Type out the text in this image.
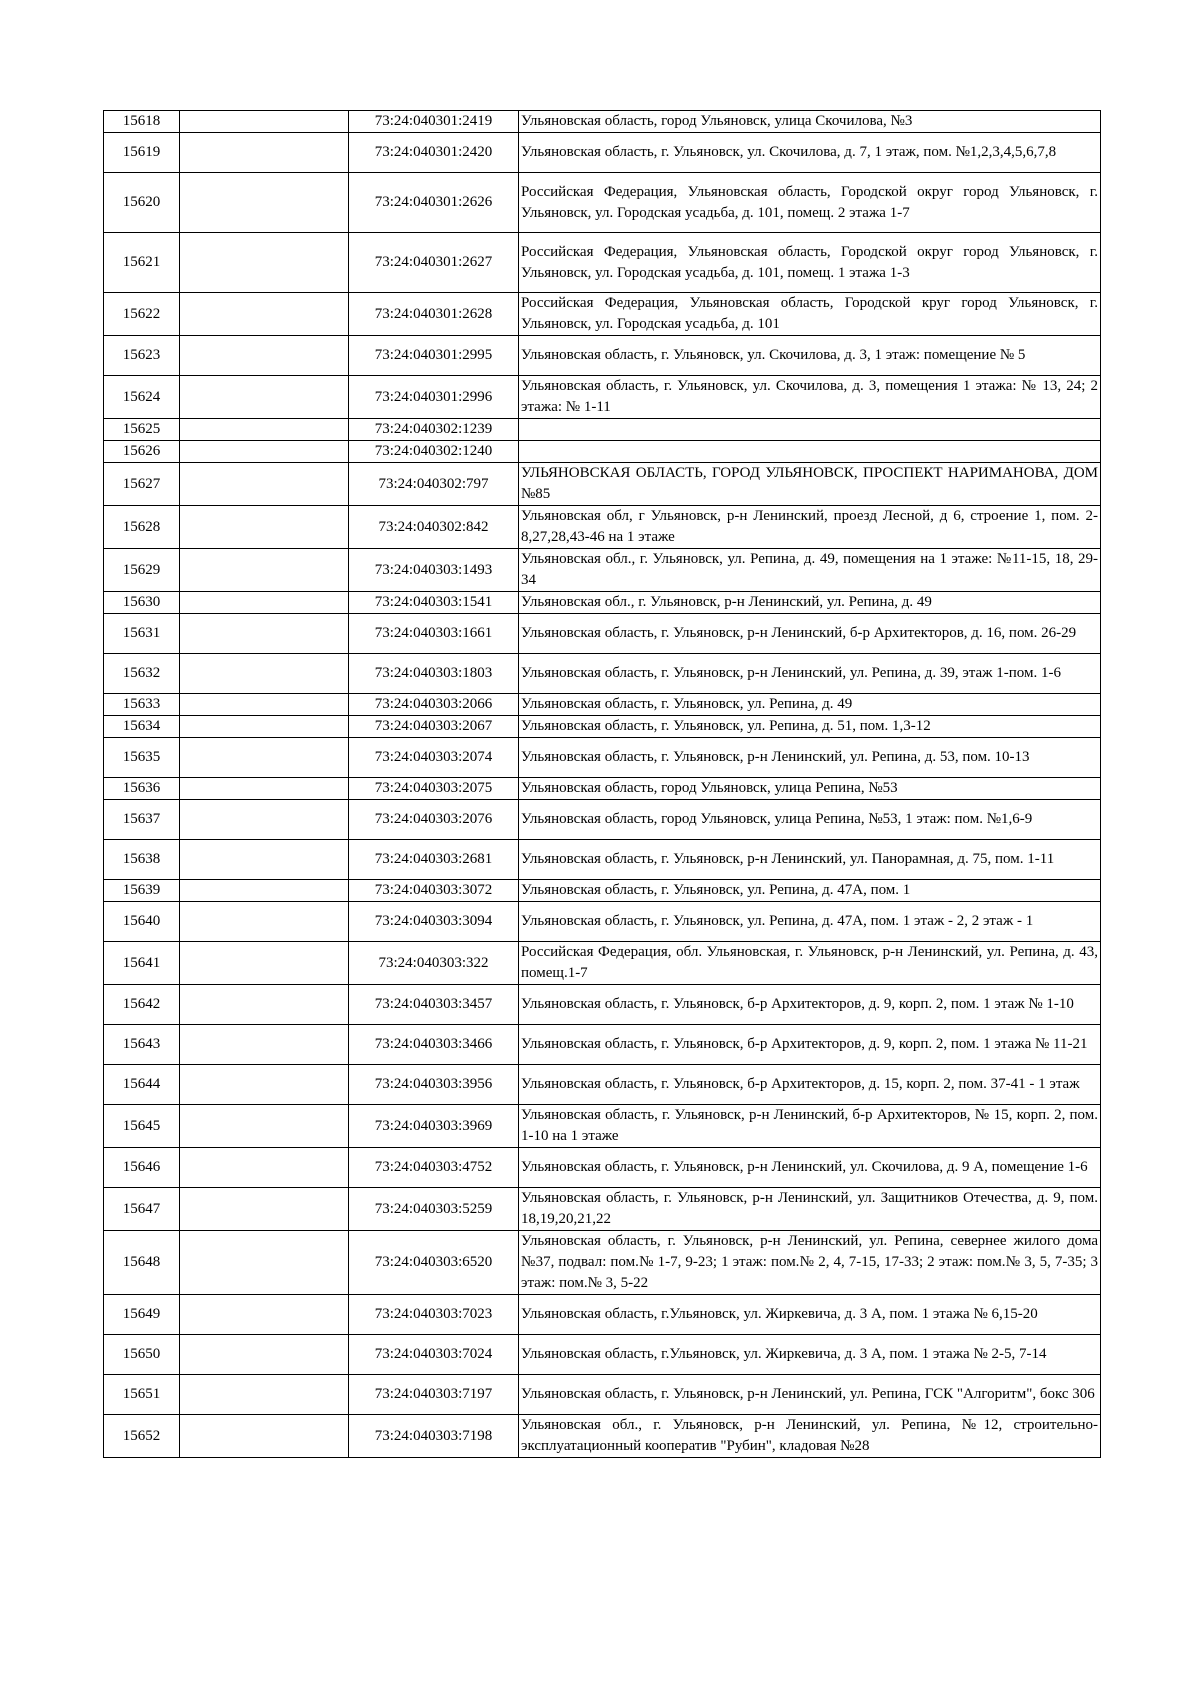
15618		73:24:040301:2419	Ульяновская область, город Ульяновск, улица Скочилова, №3
15619		73:24:040301:2420	Ульяновская область, г. Ульяновск, ул. Скочилова, д. 7, 1 этаж, пом. №1,2,3,4,5,6,7,8
15620		73:24:040301:2626	Российская Федерация, Ульяновская область, Городской округ город Ульяновск, г. Ульяновск, ул. Городская усадьба, д. 101, помещ. 2 этажа 1-7
15621		73:24:040301:2627	Российская Федерация, Ульяновская область, Городской округ город Ульяновск, г. Ульяновск, ул. Городская усадьба, д. 101, помещ. 1 этажа 1-3
15622		73:24:040301:2628	Российская Федерация, Ульяновская область, Городской круг город Ульяновск, г. Ульяновск, ул. Городская усадьба, д. 101
15623		73:24:040301:2995	Ульяновская область, г. Ульяновск, ул. Скочилова, д. 3, 1 этаж: помещение № 5
15624		73:24:040301:2996	Ульяновская область, г. Ульяновск, ул. Скочилова, д. 3, помещения 1 этажа: № 13, 24; 2 этажа: № 1-11
15625		73:24:040302:1239	
15626		73:24:040302:1240	
15627		73:24:040302:797	УЛЬЯНОВСКАЯ ОБЛАСТЬ, ГОРОД УЛЬЯНОВСК, ПРОСПЕКТ НАРИМАНОВА, ДОМ №85
15628		73:24:040302:842	Ульяновская обл, г Ульяновск, р-н Ленинский, проезд Лесной, д 6, строение 1, пом. 2-8,27,28,43-46 на 1 этаже
15629		73:24:040303:1493	Ульяновская обл., г. Ульяновск, ул. Репина, д. 49, помещения на 1 этаже: №11-15, 18, 29-34
15630		73:24:040303:1541	Ульяновская обл., г. Ульяновск, р-н Ленинский, ул. Репина, д. 49
15631		73:24:040303:1661	Ульяновская область, г. Ульяновск, р-н Ленинский, б-р Архитекторов, д. 16, пом. 26-29
15632		73:24:040303:1803	Ульяновская область, г. Ульяновск, р-н Ленинский, ул. Репина, д. 39, этаж 1-пом. 1-6
15633		73:24:040303:2066	Ульяновская область, г. Ульяновск, ул. Репина, д. 49
15634		73:24:040303:2067	Ульяновская область, г. Ульяновск, ул. Репина, д. 51, пом. 1,3-12
15635		73:24:040303:2074	Ульяновская область, г. Ульяновск, р-н Ленинский, ул. Репина, д. 53, пом. 10-13
15636		73:24:040303:2075	Ульяновская область, город Ульяновск, улица Репина, №53
15637		73:24:040303:2076	Ульяновская область, город Ульяновск, улица Репина, №53, 1 этаж: пом. №1,6-9
15638		73:24:040303:2681	Ульяновская область, г. Ульяновск, р-н Ленинский, ул. Панорамная, д. 75, пом. 1-11
15639		73:24:040303:3072	Ульяновская область, г. Ульяновск, ул. Репина, д. 47А, пом. 1
15640		73:24:040303:3094	Ульяновская область, г. Ульяновск, ул. Репина, д. 47А, пом. 1 этаж - 2, 2 этаж - 1
15641		73:24:040303:322	Российская Федерация, обл. Ульяновская, г. Ульяновск, р-н Ленинский, ул. Репина, д. 43, помещ.1-7
15642		73:24:040303:3457	Ульяновская область, г. Ульяновск, б-р Архитекторов, д. 9, корп. 2, пом. 1 этаж № 1-10
15643		73:24:040303:3466	Ульяновская область, г. Ульяновск, б-р Архитекторов, д. 9, корп. 2, пом. 1 этажа № 11-21
15644		73:24:040303:3956	Ульяновская область, г. Ульяновск, б-р Архитекторов, д. 15, корп. 2, пом. 37-41 - 1 этаж
15645		73:24:040303:3969	Ульяновская область, г. Ульяновск, р-н Ленинский, б-р Архитекторов, № 15, корп. 2, пом. 1-10 на 1 этаже
15646		73:24:040303:4752	Ульяновская область, г. Ульяновск, р-н Ленинский, ул. Скочилова, д. 9 А, помещение 1-6
15647		73:24:040303:5259	Ульяновская область, г. Ульяновск, р-н Ленинский, ул. Защитников Отечества, д. 9, пом. 18,19,20,21,22
15648		73:24:040303:6520	Ульяновская область, г. Ульяновск, р-н Ленинский, ул. Репина, севернее жилого дома №37, подвал: пом.№ 1-7, 9-23; 1 этаж: пом.№ 2, 4, 7-15, 17-33; 2 этаж: пом.№ 3, 5, 7-35; 3 этаж: пом.№ 3, 5-22
15649		73:24:040303:7023	Ульяновская область, г.Ульяновск, ул. Жиркевича, д. 3 А, пом. 1 этажа № 6,15-20
15650		73:24:040303:7024	Ульяновская область, г.Ульяновск, ул. Жиркевича, д. 3 А, пом. 1 этажа № 2-5, 7-14
15651		73:24:040303:7197	Ульяновская область, г. Ульяновск, р-н Ленинский, ул. Репина, ГСК "Алгоритм", бокс 306
15652		73:24:040303:7198	Ульяновская обл., г. Ульяновск, р-н Ленинский, ул. Репина, №12, строительно-эксплуатационный кооператив "Рубин", кладовая №28
